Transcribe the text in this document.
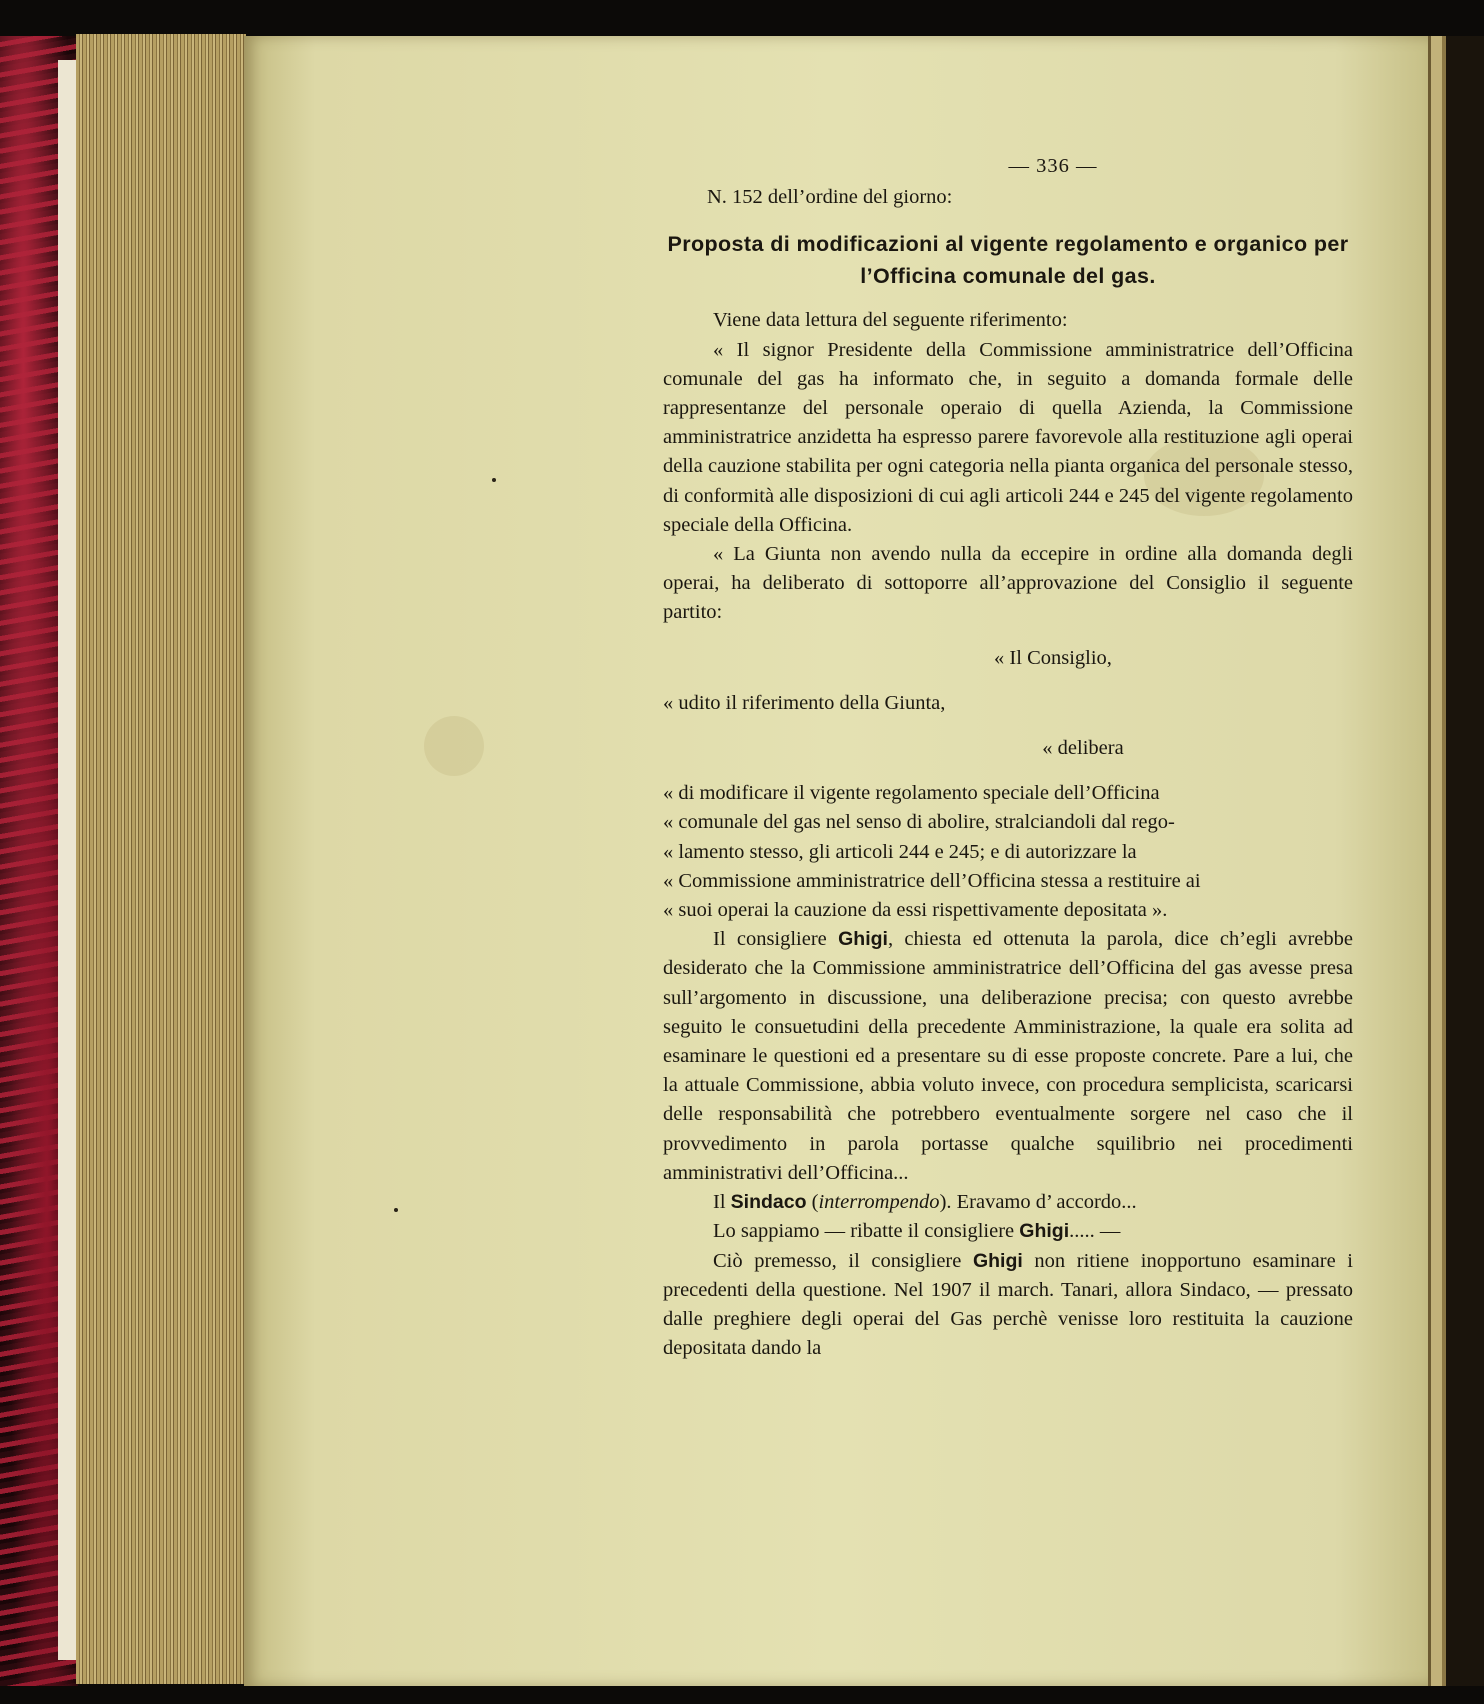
— 336 —
N. 152 dell’ordine del giorno:
Proposta di modificazioni al vigente regolamento e organico per l’Officina comunale del gas.

Viene data lettura del seguente riferimento:

« Il signor Presidente della Commissione amministratrice dell’Officina comunale del gas ha informato che, in seguito a domanda formale delle rappresentanze del personale operaio di quella Azienda, la Commissione amministratrice anzidetta ha espresso parere favorevole alla restituzione agli operai della cauzione stabilita per ogni categoria nella pianta organica del personale stesso, di conformità alle disposizioni di cui agli articoli 244 e 245 del vigente regolamento speciale della Officina.

« La Giunta non avendo nulla da eccepire in ordine alla domanda degli operai, ha deliberato di sottoporre all’approvazione del Consiglio il seguente partito:

« Il Consiglio,

« udito il riferimento della Giunta,

« delibera

« di modificare il vigente regolamento speciale dell’Officina

« comunale del gas nel senso di abolire, stralciandoli dal rego-

« lamento stesso, gli articoli 244 e 245; e di autorizzare la

« Commissione amministratrice dell’Officina stessa a restituire ai

« suoi operai la cauzione da essi rispettivamente depositata ».

Il consigliere Ghigi, chiesta ed ottenuta la parola, dice ch’egli avrebbe desiderato che la Commissione amministratrice dell’Officina del gas avesse presa sull’argomento in discussione, una deliberazione precisa; con questo avrebbe seguito le consuetudini della precedente Amministrazione, la quale era solita ad esaminare le questioni ed a presentare su di esse proposte concrete. Pare a lui, che la attuale Commissione, abbia voluto invece, con procedura semplicista, scaricarsi delle responsabilità che potrebbero eventualmente sorgere nel caso che il provvedimento in parola portasse qualche squilibrio nei procedimenti amministrativi dell’Officina...

Il Sindaco (interrompendo). Eravamo d’ accordo...

Lo sappiamo — ribatte il consigliere Ghigi..... —

Ciò premesso, il consigliere Ghigi non ritiene inopportuno esaminare i precedenti della questione. Nel 1907 il march. Tanari, allora Sindaco, — pressato dalle preghiere degli operai del Gas perchè venisse loro restituita la cauzione depositata dando la
